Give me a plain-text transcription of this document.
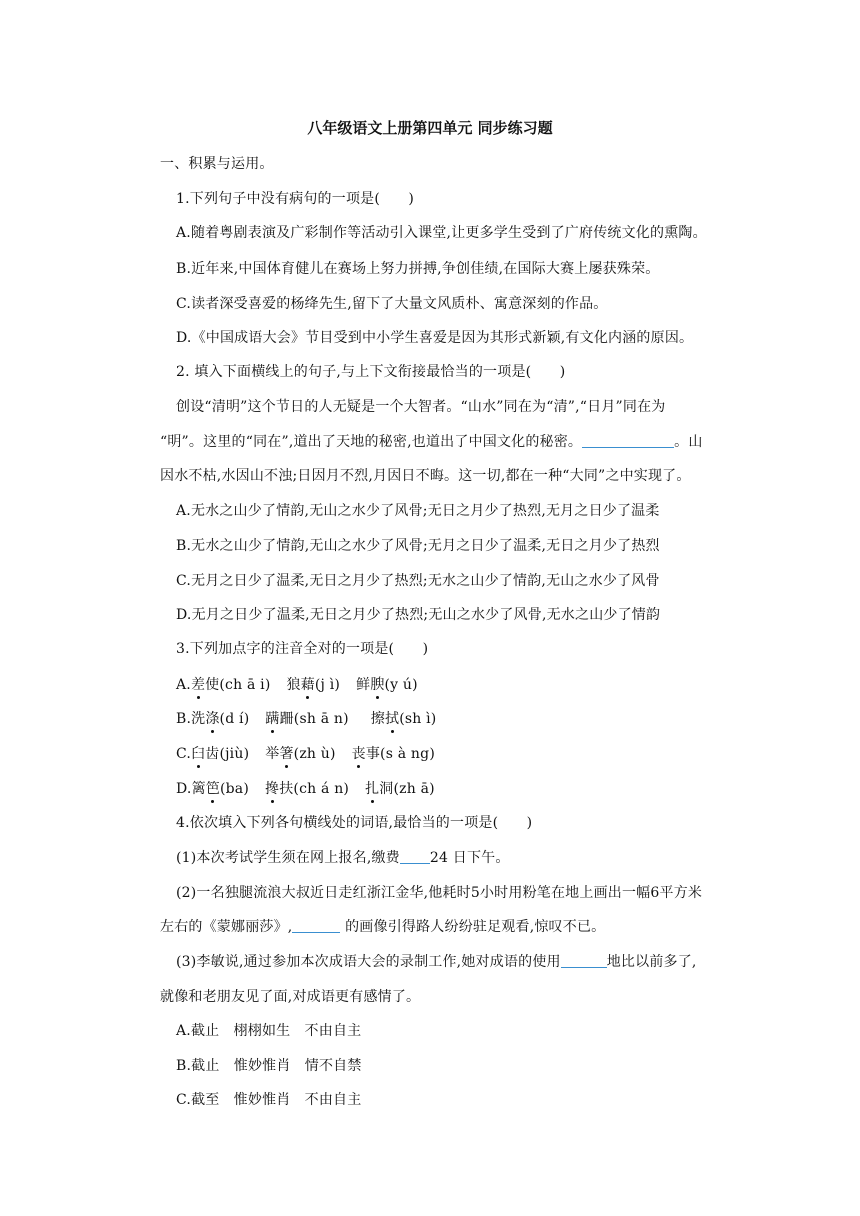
八年级语文上册第四单元 同步练习题
一、积累与运用。
1.下列句子中没有病句的一项是(　　)
A.随着粤剧表演及广彩制作等活动引入课堂,让更多学生受到了广府传统文化的熏陶。
B.近年来,中国体育健儿在赛场上努力拼搏,争创佳绩,在国际大赛上屡获殊荣。
C.读者深受喜爱的杨绛先生,留下了大量文风质朴、寓意深刻的作品。
D.《中国成语大会》节目受到中小学生喜爱是因为其形式新颖,有文化内涵的原因。
2. 填入下面横线上的句子,与上下文衔接最恰当的一项是(　　)
创设“清明”这个节日的人无疑是一个大智者。“山水”同在为“清”,“日月”同在为
“明”。这里的“同在”,道出了天地的秘密,也道出了中国文化的秘密。	。山
因水不枯,水因山不浊;日因月不烈,月因日不晦。这一切,都在一种“大同”之中实现了。
A.无水之山少了情韵,无山之水少了风骨;无日之月少了热烈,无月之日少了温柔
B.无水之山少了情韵,无山之水少了风骨;无月之日少了温柔,无日之月少了热烈
C.无月之日少了温柔,无日之月少了热烈;无水之山少了情韵,无山之水少了风骨
D.无月之日少了温柔,无日之月少了热烈;无山之水少了风骨,无水之山少了情韵
3.下列加点字的注音全对的一项是(　　)
A.差使(ch ā i) 狼藉(j ì) 鲜腴(y ú)
B.洗涤(d í) 蹒跚(sh ā n) 擦拭(sh ì)
C.臼齿(jiù) 举箸(zh ù) 丧事(s à ng)
D.篱笆(ba) 搀扶(ch á n) 扎洞(zh ā)
4.依次填入下列各句横线处的词语,最恰当的一项是(　　)
(1)本次考试学生须在网上报名,缴费 24 日下午。
(2)一名独腿流浪大叔近日走红浙江金华,他耗时5小时用粉笔在地上画出一幅6平方米
左右的《蒙娜丽莎》,	的画像引得路人纷纷驻足观看,惊叹不已。
(3)李敏说,通过参加本次成语大会的录制工作,她对成语的使用	地比以前多了,
就像和老朋友见了面,对成语更有感情了。
A.截止　栩栩如生　不由自主
B.截止　惟妙惟肖　情不自禁
C.截至　惟妙惟肖　不由自主
